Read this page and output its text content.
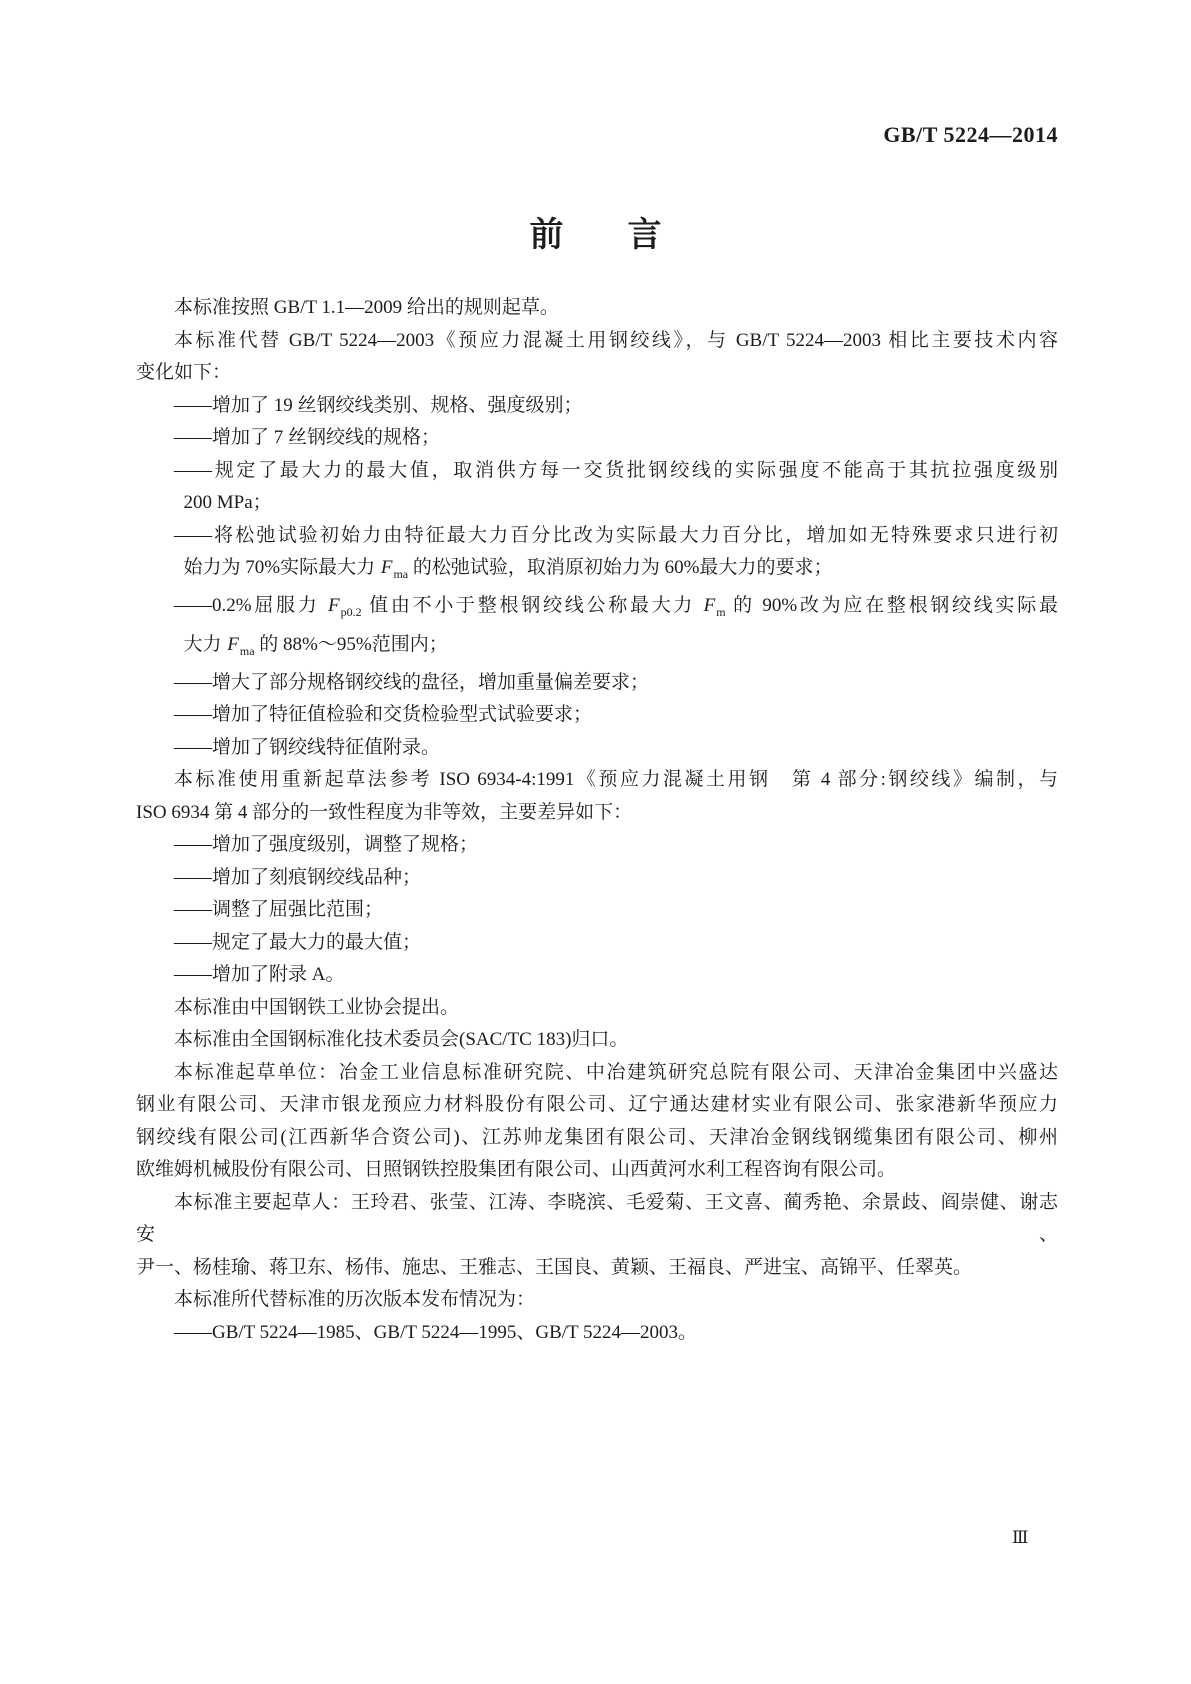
GB/T 5224—2014
前 言
本标准按照 GB/T 1.1—2009 给出的规则起草。
本标准代替 GB/T 5224—2003《预应力混凝土用钢绞线》，与 GB/T 5224—2003 相比主要技术内容
变化如下：
——增加了 19 丝钢绞线类别、规格、强度级别；
——增加了 7 丝钢绞线的规格；
——规定了最大力的最大值，取消供方每一交货批钢绞线的实际强度不能高于其抗拉强度级别
200 MPa；
——将松弛试验初始力由特征最大力百分比改为实际最大力百分比，增加如无特殊要求只进行初
始力为 70%实际最大力 $F_{ma}$ 的松弛试验，取消原初始力为 60%最大力的要求；
——0.2%屈服力 $F_{p0.2}$ 值由不小于整根钢绞线公称最大力 $F_m$ 的 90%改为应在整根钢绞线实际最
大力 $F_{ma}$ 的 88%～95%范围内；
——增大了部分规格钢绞线的盘径，增加重量偏差要求；
——增加了特征值检验和交货检验型式试验要求；
——增加了钢绞线特征值附录。
本标准使用重新起草法参考 ISO 6934-4:1991《预应力混凝土用钢　第 4 部分:钢绞线》编制，与
ISO 6934 第 4 部分的一致性程度为非等效，主要差异如下：
——增加了强度级别，调整了规格；
——增加了刻痕钢绞线品种；
——调整了屈强比范围；
——规定了最大力的最大值；
——增加了附录 A。
本标准由中国钢铁工业协会提出。
本标准由全国钢标准化技术委员会(SAC/TC 183)归口。
本标准起草单位：冶金工业信息标准研究院、中冶建筑研究总院有限公司、天津冶金集团中兴盛达
钢业有限公司、天津市银龙预应力材料股份有限公司、辽宁通达建材实业有限公司、张家港新华预应力
钢绞线有限公司(江西新华合资公司)、江苏帅龙集团有限公司、天津冶金钢线钢缆集团有限公司、柳州
欧维姆机械股份有限公司、日照钢铁控股集团有限公司、山西黄河水利工程咨询有限公司。
本标准主要起草人：王玲君、张莹、江涛、李晓滨、毛爱菊、王文喜、蔺秀艳、余景歧、阎崇健、谢志安、
尹一、杨桂瑜、蒋卫东、杨伟、施忠、王雅志、王国良、黄颖、王福良、严进宝、高锦平、任翠英。
本标准所代替标准的历次版本发布情况为：
——GB/T 5224—1985、GB/T 5224—1995、GB/T 5224—2003。
Ⅲ
